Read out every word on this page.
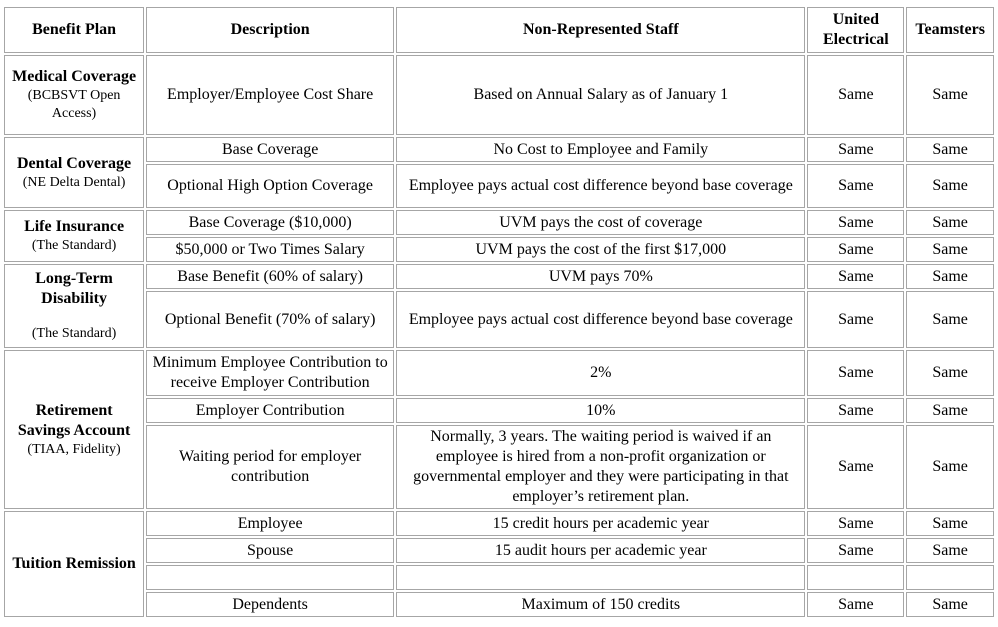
Benefit Plan	Description	Non-Represented Staff	United Electrical	Teamsters

Medical Coverage
(BCBSVT Open Access)	Employer/Employee Cost Share	Based on Annual Salary as of January 1	Same	Same

Dental Coverage
(NE Delta Dental)	Base Coverage	No Cost to Employee and Family	Same	Same
	Optional High Option Coverage	Employee pays actual cost difference beyond base coverage	Same	Same

Life Insurance
(The Standard)	Base Coverage ($10,000)	UVM pays the cost of coverage	Same	Same
	$50,000 or Two Times Salary	UVM pays the cost of the first $17,000	Same	Same

Long-Term Disability
(The Standard)	Base Benefit (60% of salary)	UVM pays 70%	Same	Same
	Optional Benefit (70% of salary)	Employee pays actual cost difference beyond base coverage	Same	Same

Retirement Savings Account
(TIAA, Fidelity)	Minimum Employee Contribution to receive Employer Contribution	2%	Same	Same
	Employer Contribution	10%	Same	Same
	Waiting period for employer contribution	Normally, 3 years. The waiting period is waived if an employee is hired from a non-profit organization or governmental employer and they were participating in that employer’s retirement plan.	Same	Same

Tuition Remission	Employee	15 credit hours per academic year	Same	Same
	Spouse	15 audit hours per academic year	Same	Same

	Dependents	Maximum of 150 credits	Same	Same
